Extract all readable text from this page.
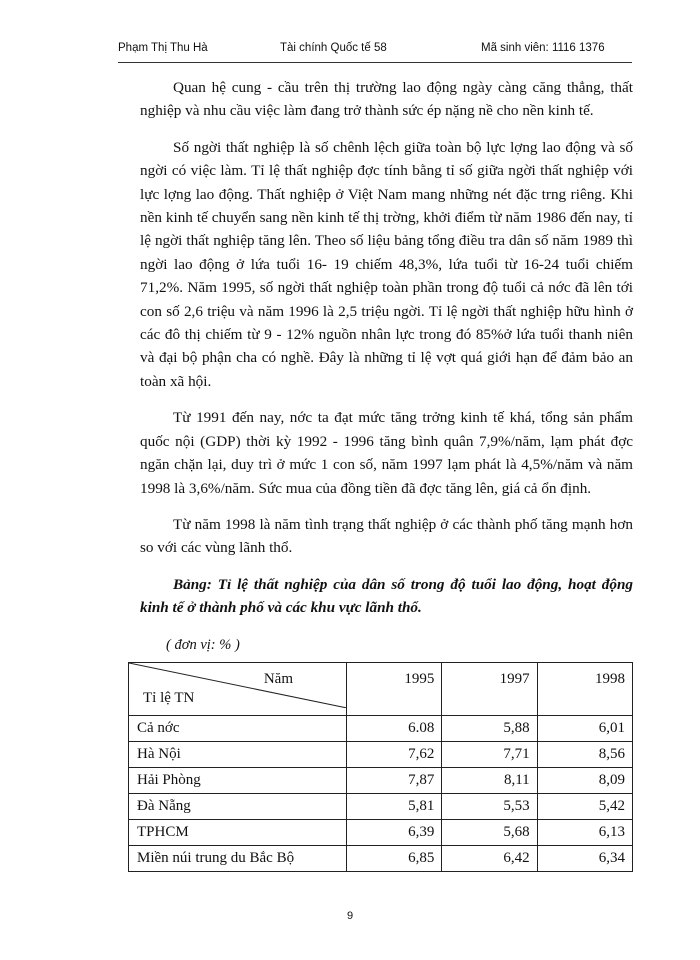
Phạm Thị Thu Hà	Tài chính Quốc tế 58	Mã sinh viên: 1116 1376

Quan hệ cung - cầu trên thị trường lao động ngày càng căng thẳng, thất nghiệp và nhu cầu việc làm đang trở thành sức ép nặng nề cho nền kinh tế.

Số ngời thất nghiệp là số chênh lệch giữa toàn bộ lực lợng lao động và số ngời có việc làm. Tỉ lệ thất nghiệp đợc tính bằng tỉ số giữa ngời thất nghiệp với lực lợng lao động. Thất nghiệp ở Việt Nam mang những nét đặc trng riêng. Khi nền kinh tế chuyển sang nền kinh tế thị trờng, khởi điểm từ năm 1986 đến nay, tỉ lệ ngời thất nghiệp tăng lên. Theo số liệu bảng tổng điều tra dân số năm 1989 thì ngời lao động ở lứa tuổi 16- 19 chiếm 48,3%, lứa tuổi từ 16-24 tuổi chiếm 71,2%. Năm 1995, số ngời thất nghiệp toàn phần trong độ tuổi cả nớc đã lên tới con số 2,6 triệu và năm 1996 là 2,5 triệu ngời. Tỉ lệ ngời thất nghiệp hữu hình ở các đô thị chiếm từ 9 - 12% nguồn nhân lực trong đó 85%ở lứa tuổi thanh niên và đại bộ phận cha có nghề. Đây là những tỉ lệ vợt quá giới hạn để đảm bảo an toàn xã hội.

Từ 1991 đến nay, nớc ta đạt mức tăng trởng kinh tế khá, tổng sản phẩm quốc nội (GDP) thời kỳ 1992 - 1996 tăng bình quân 7,9%/năm, lạm phát đợc ngăn chặn lại, duy trì ở mức 1 con số, năm 1997 lạm phát là 4,5%/năm và năm 1998 là 3,6%/năm. Sức mua của đồng tiền đã đợc tăng lên, giá cả ổn định.

Từ năm 1998 là năm tình trạng thất nghiệp ở các thành phố tăng mạnh hơn so với các vùng lãnh thổ.

Bảng: Tỉ lệ thất nghiệp của dân số trong độ tuổi lao động, hoạt động kinh tế ở thành phố và các khu vực lãnh thổ.

( đơn vị: % )
Năm
Tỉ lệ TN	1995	1997	1998
Cả nớc	6.08	5,88	6,01
Hà Nội	7,62	7,71	8,56
Hải Phòng	7,87	8,11	8,09
Đà Nẵng	5,81	5,53	5,42
TPHCM	6,39	5,68	6,13
Miền núi trung du Bắc Bộ	6,85	6,42	6,34
9
